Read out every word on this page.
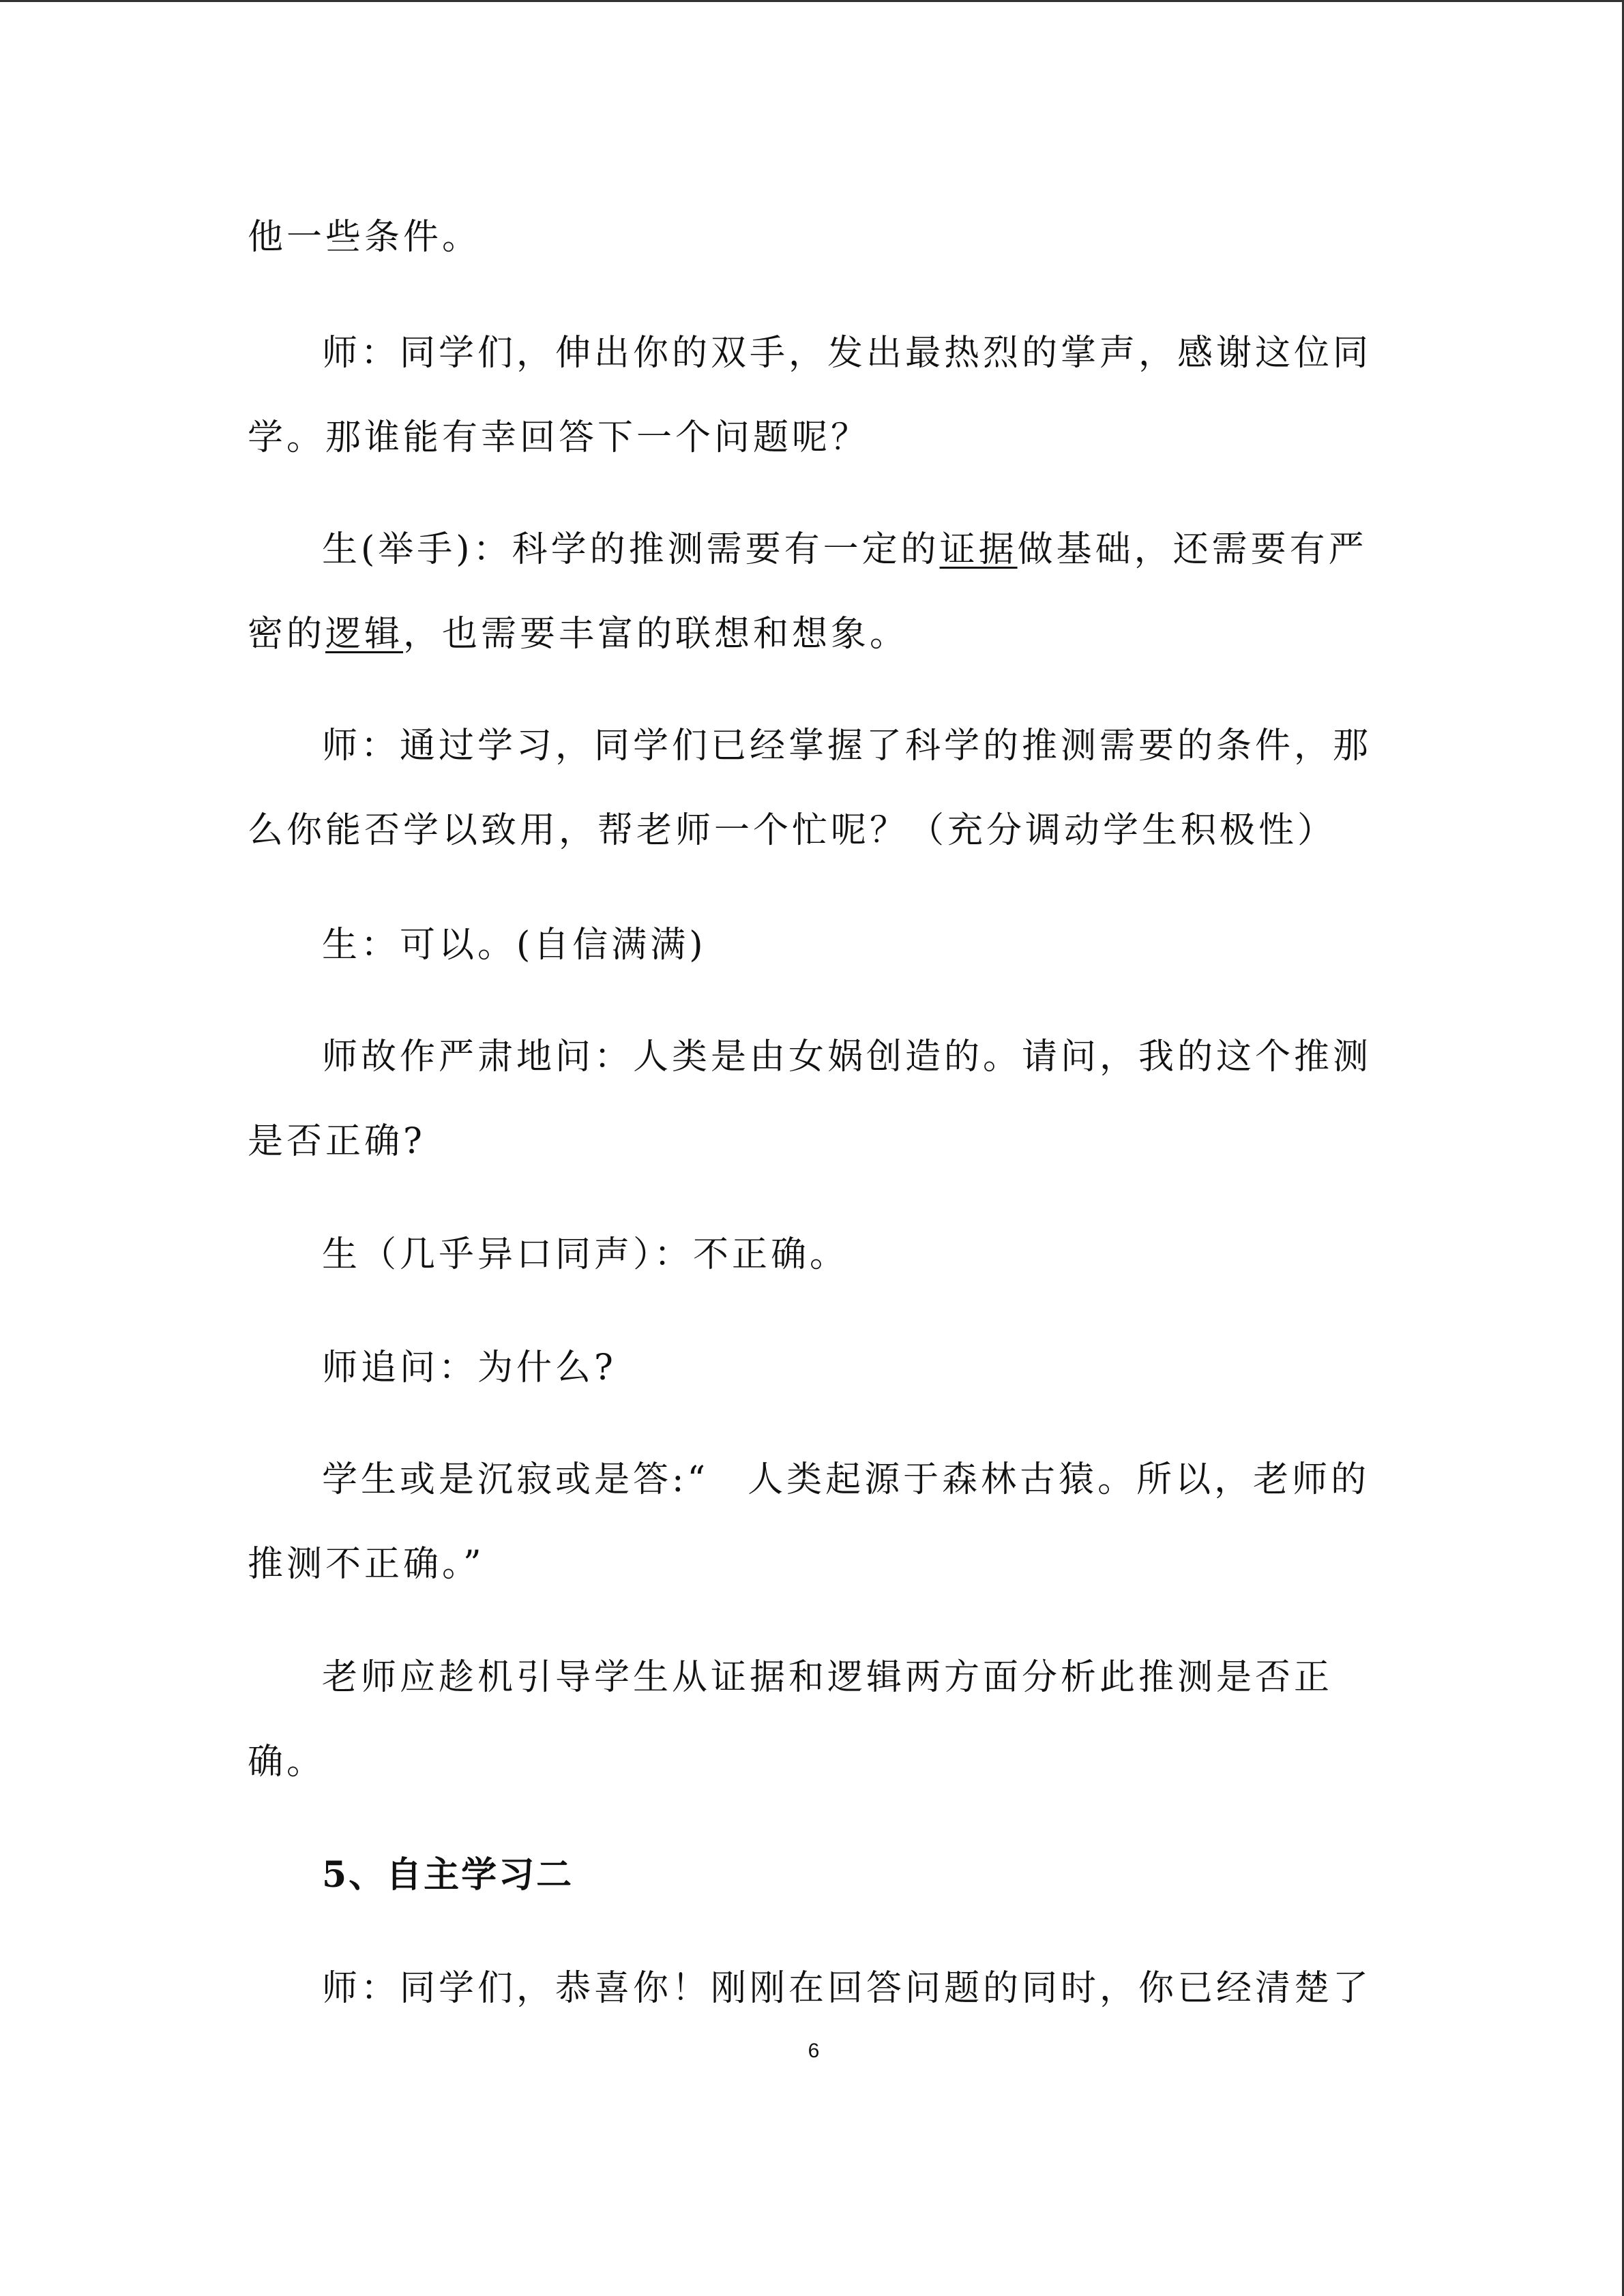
他一些条件。
师：同学们，伸出你的双手，发出最热烈的掌声，感谢这位同
学。那谁能有幸回答下一个问题呢？
生(举手)：科学的推测需要有一定的证据做基础，还需要有严
密的逻辑，也需要丰富的联想和想象。
师：通过学习，同学们已经掌握了科学的推测需要的条件，那
么你能否学以致用，帮老师一个忙呢？（充分调动学生积极性）
生：可以。(自信满满)
师故作严肃地问：人类是由女娲创造的。请问，我的这个推测
是否正确?
生（几乎异口同声）：不正确。
师追问：为什么?
学生或是沉寂或是答:“　人类起源于森林古猿。所以，老师的
推测不正确。”
老师应趁机引导学生从证据和逻辑两方面分析此推测是否正
确。
5、自主学习二
师：同学们，恭喜你！刚刚在回答问题的同时，你已经清楚了
6
